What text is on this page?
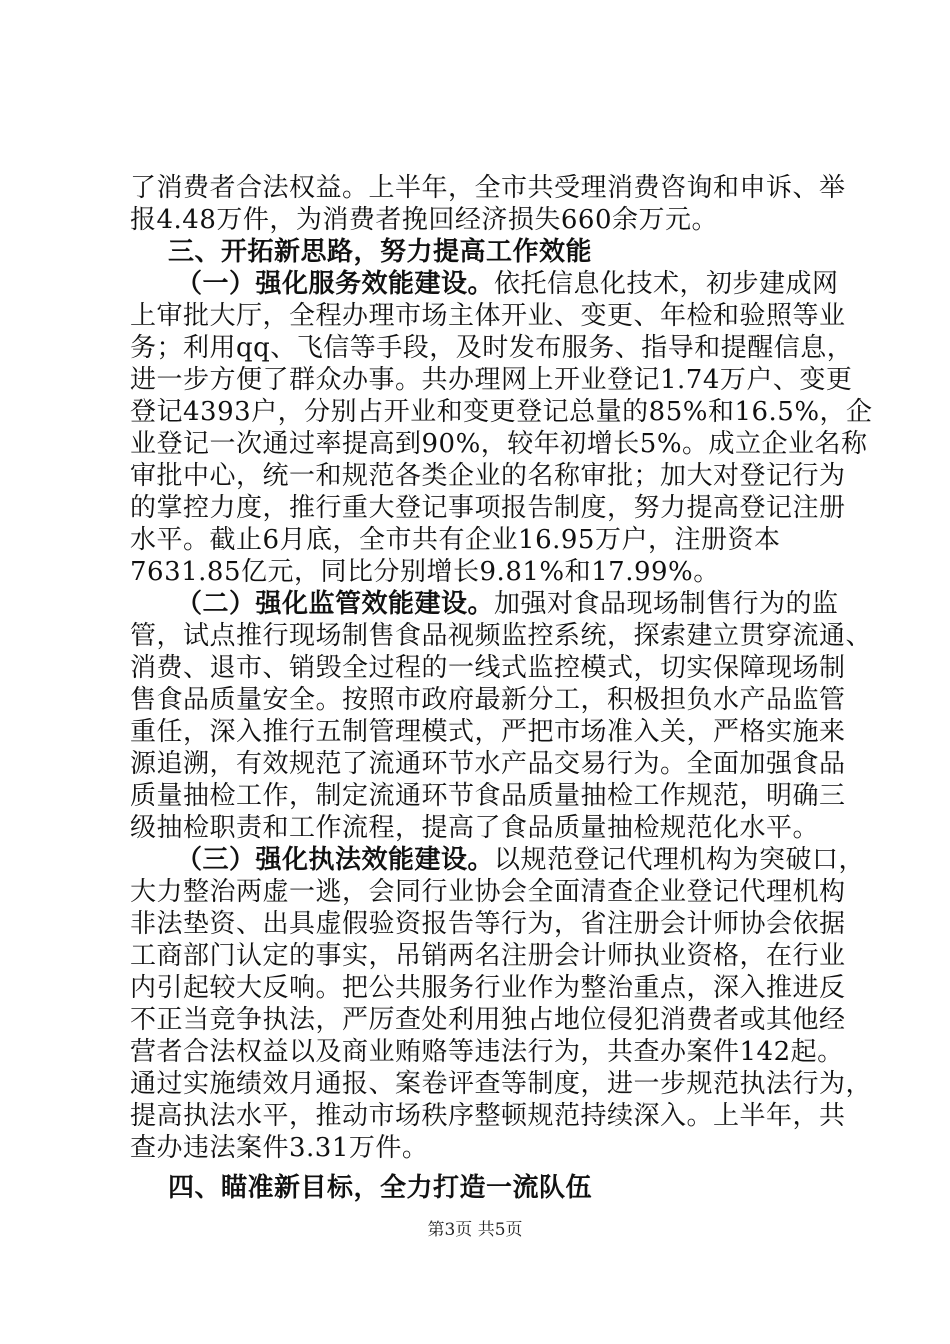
了消费者合法权益。上半年，全市共受理消费咨询和申诉、举
报4.48万件，为消费者挽回经济损失660余万元。
三、开拓新思路，努力提高工作效能
（一）强化服务效能建设。依托信息化技术，初步建成网
上审批大厅，全程办理市场主体开业、变更、年检和验照等业
务；利用qq、飞信等手段，及时发布服务、指导和提醒信息，
进一步方便了群众办事。共办理网上开业登记1.74万户、变更
登记4393户，分别占开业和变更登记总量的85%和16.5%，企
业登记一次通过率提高到90%，较年初增长5%。成立企业名称
审批中心，统一和规范各类企业的名称审批；加大对登记行为
的掌控力度，推行重大登记事项报告制度，努力提高登记注册
水平。截止6月底，全市共有企业16.95万户，注册资本
7631.85亿元，同比分别增长9.81%和17.99%。
（二）强化监管效能建设。加强对食品现场制售行为的监
管，试点推行现场制售食品视频监控系统，探索建立贯穿流通、
消费、退市、销毁全过程的一线式监控模式，切实保障现场制
售食品质量安全。按照市政府最新分工，积极担负水产品监管
重任，深入推行五制管理模式，严把市场准入关，严格实施来
源追溯，有效规范了流通环节水产品交易行为。全面加强食品
质量抽检工作，制定流通环节食品质量抽检工作规范，明确三
级抽检职责和工作流程，提高了食品质量抽检规范化水平。
（三）强化执法效能建设。以规范登记代理机构为突破口，
大力整治两虚一逃，会同行业协会全面清查企业登记代理机构
非法垫资、出具虚假验资报告等行为，省注册会计师协会依据
工商部门认定的事实，吊销两名注册会计师执业资格，在行业
内引起较大反响。把公共服务行业作为整治重点，深入推进反
不正当竞争执法，严厉查处利用独占地位侵犯消费者或其他经
营者合法权益以及商业贿赂等违法行为，共查办案件142起。
通过实施绩效月通报、案卷评查等制度，进一步规范执法行为，
提高执法水平，推动市场秩序整顿规范持续深入。上半年，共
查办违法案件3.31万件。
四、瞄准新目标，全力打造一流队伍
第3页 共5页
